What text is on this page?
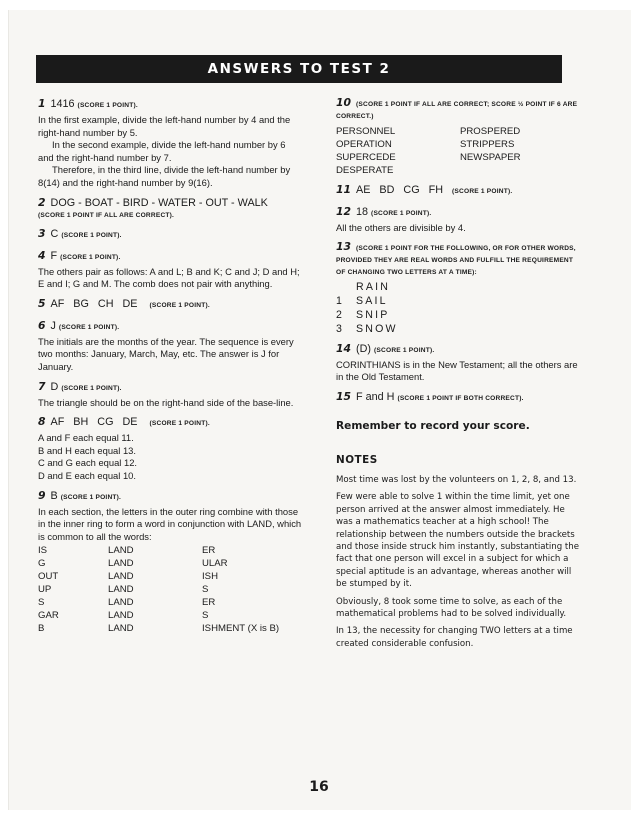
ANSWERS TO TEST 2
1 1416 (SCORE 1 POINT).

In the first example, divide the left-hand number by 4 and the right-hand number by 5.

In the second example, divide the left-hand number by 6 and the right-hand number by 7.

Therefore, in the third line, divide the left-hand number by 8(14) and the right-hand number by 9(16).

2 DOG - BOAT - BIRD - WATER - OUT - WALK
(SCORE 1 POINT IF ALL ARE CORRECT).
3 C (SCORE 1 POINT).
4 F (SCORE 1 POINT).

The others pair as follows: A and L; B and K; C and J; D and H; E and I; G and M. The comb does not pair with anything.

5 AF   BG   CH   DE (SCORE 1 POINT).
6 J (SCORE 1 POINT).

The initials are the months of the year. The sequence is every two months: January, March, May, etc. The answer is J for January.

7 D (SCORE 1 POINT).

The triangle should be on the right-hand side of the base-line.

8 AF   BH   CG   DE (SCORE 1 POINT).

A and F each equal 11.

B and H each equal 13.

C and G each equal 12.

D and E each equal 10.

9 B (SCORE 1 POINT).

In each section, the letters in the outer ring combine with those in the inner ring to form a word in conjunction with LAND, which is common to all the words:

IS	LAND	ER
G	LAND	ULAR
OUT	LAND	ISH
UP	LAND	S
S	LAND	ER
GAR	LAND	S
B	LAND	ISHMENT (X is B)
10 (SCORE 1 POINT IF ALL ARE CORRECT; SCORE ½ POINT IF 6 ARE CORRECT.)
PERSONNEL	PROSPERED
OPERATION	STRIPPERS
SUPERCEDE	NEWSPAPER
DESPERATE	
11 AE   BD   CG   FH (SCORE 1 POINT).
12 18 (SCORE 1 POINT).

All the others are divisible by 4.

13 (SCORE 1 POINT FOR THE FOLLOWING, OR FOR OTHER WORDS, PROVIDED THEY ARE REAL WORDS AND FULFILL THE REQUIREMENT OF CHANGING TWO LETTERS AT A TIME):
RAIN
1 SAIL
2 SNIP
3 SNOW
14 (D) (SCORE 1 POINT).

CORINTHIANS is in the New Testament; all the others are in the Old Testament.

15 F and H (SCORE 1 POINT IF BOTH CORRECT).
Remember to record your score.
NOTES

Most time was lost by the volunteers on 1, 2, 8, and 13.

Few were able to solve 1 within the time limit, yet one person arrived at the answer almost immediately. He was a mathematics teacher at a high school! The relationship between the numbers outside the brackets and those inside struck him instantly, substantiating the fact that one person will excel in a subject for which a special aptitude is an advantage, whereas another will be stumped by it.

Obviously, 8 took some time to solve, as each of the mathematical problems had to be solved individually.

In 13, the necessity for changing TWO letters at a time created considerable confusion.

16
